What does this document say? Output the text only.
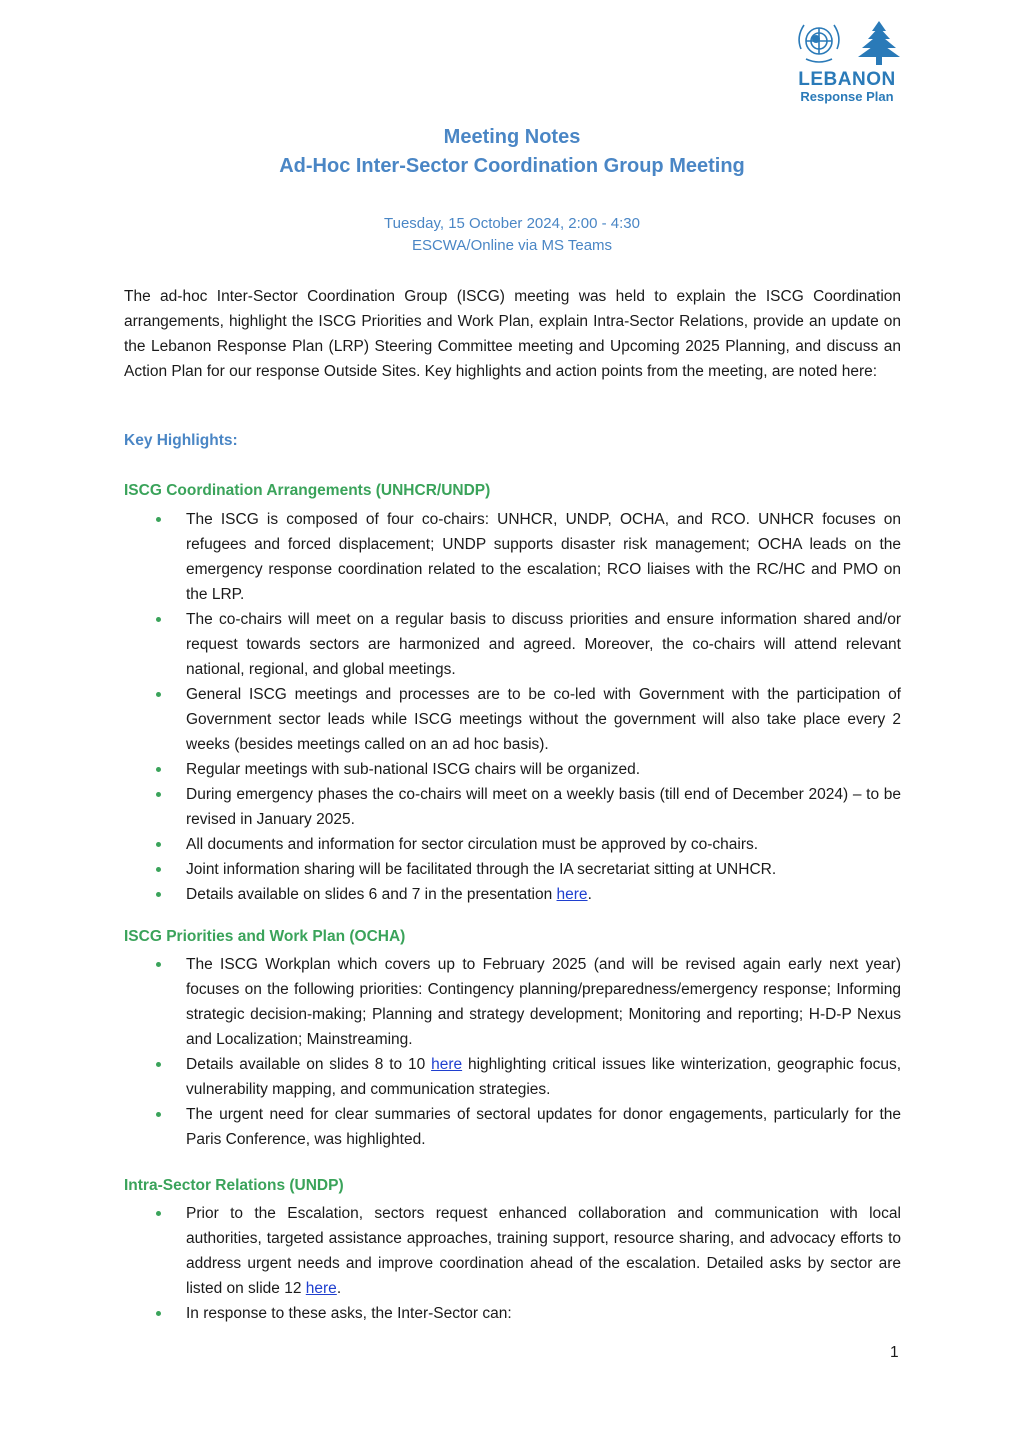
LEBANON
Response Plan
Meeting Notes
Ad-Hoc Inter-Sector Coordination Group Meeting
Tuesday, 15 October 2024, 2:00 - 4:30
ESCWA/Online via MS Teams
The ad-hoc Inter-Sector Coordination Group (ISCG) meeting was held to explain the ISCG Coordination arrangements, highlight the ISCG Priorities and Work Plan, explain Intra-Sector Relations, provide an update on the Lebanon Response Plan (LRP) Steering Committee meeting and Upcoming 2025 Planning, and discuss an Action Plan for our response Outside Sites. Key highlights and action points from the meeting, are noted here:
Key Highlights:
ISCG Coordination Arrangements (UNHCR/UNDP)
The ISCG is composed of four co-chairs: UNHCR, UNDP, OCHA, and RCO. UNHCR focuses on refugees and forced displacement; UNDP supports disaster risk management; OCHA leads on the emergency response coordination related to the escalation; RCO liaises with the RC/HC and PMO on the LRP.
The co-chairs will meet on a regular basis to discuss priorities and ensure information shared and/or request towards sectors are harmonized and agreed. Moreover, the co-chairs will attend relevant national, regional, and global meetings.
General ISCG meetings and processes are to be co-led with Government with the participation of Government sector leads while ISCG meetings without the government will also take place every 2 weeks (besides meetings called on an ad hoc basis).
Regular meetings with sub-national ISCG chairs will be organized.
During emergency phases the co-chairs will meet on a weekly basis (till end of December 2024) – to be revised in January 2025.
All documents and information for sector circulation must be approved by co-chairs.
Joint information sharing will be facilitated through the IA secretariat sitting at UNHCR.
Details available on slides 6 and 7 in the presentation here.
ISCG Priorities and Work Plan (OCHA)
The ISCG Workplan which covers up to February 2025 (and will be revised again early next year) focuses on the following priorities: Contingency planning/preparedness/emergency response; Informing strategic decision-making; Planning and strategy development; Monitoring and reporting; H-D-P Nexus and Localization; Mainstreaming.
Details available on slides 8 to 10 here highlighting critical issues like winterization, geographic focus, vulnerability mapping, and communication strategies.
The urgent need for clear summaries of sectoral updates for donor engagements, particularly for the Paris Conference, was highlighted.
Intra-Sector Relations (UNDP)
Prior to the Escalation, sectors request enhanced collaboration and communication with local authorities, targeted assistance approaches, training support, resource sharing, and advocacy efforts to address urgent needs and improve coordination ahead of the escalation. Detailed asks by sector are listed on slide 12 here.
In response to these asks, the Inter-Sector can:
1
